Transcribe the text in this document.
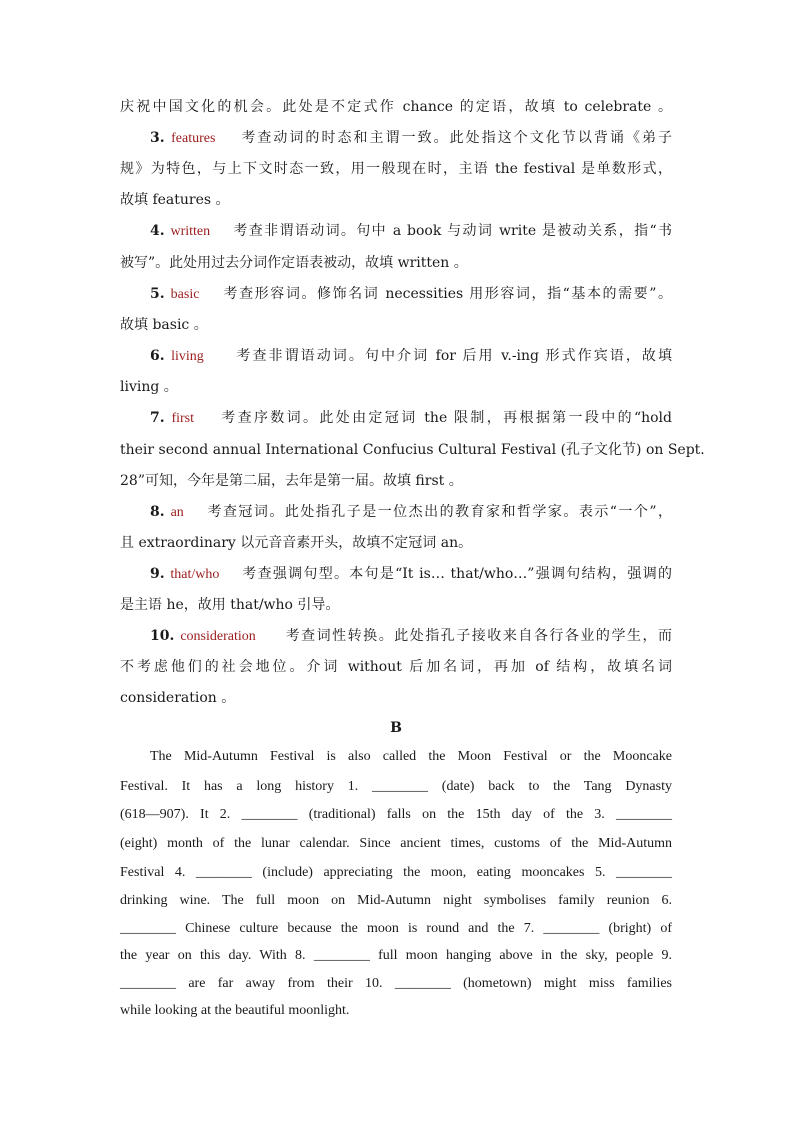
庆祝中国文化的机会。此处是不定式作 chance 的定语，故填 to celebrate 。
3. features 考查动词的时态和主谓一致。此处指这个文化节以背诵《弟子
规》为特色，与上下文时态一致，用一般现在时，主语 the festival 是单数形式，
故填 features 。
4. written 考查非谓语动词。句中 a book 与动词 write 是被动关系，指“书
被写”。此处用过去分词作定语表被动，故填 written 。
5. basic 考查形容词。修饰名词 necessities 用形容词，指“基本的需要”。
故填 basic 。
6. living 考查非谓语动词。句中介词 for 后用 v.-ing 形式作宾语，故填
living 。
7. first 考查序数词。此处由定冠词 the 限制，再根据第一段中的“hold
their second annual International Confucius Cultural Festival (孔子文化节) on Sept.
28”可知，今年是第二届，去年是第一届。故填 first 。
8. an 考查冠词。此处指孔子是一位杰出的教育家和哲学家。表示“一个”，
且 extraordinary 以元音音素开头，故填不定冠词 an。
9. that/who 考查强调句型。本句是“It is… that/who…”强调句结构，强调的
是主语 he，故用 that/who 引导。
10. consideration 考查词性转换。此处指孔子接收来自各行各业的学生，而
不考虑他们的社会地位。介词 without 后加名词，再加 of 结构，故填名词
consideration 。
B
The Mid-Autumn Festival is also called the Moon Festival or the Mooncake
Festival. It has a long history 1. ________ (date) back to the Tang Dynasty
(618—907). It 2. ________ (traditional) falls on the 15th day of the 3. ________
(eight) month of the lunar calendar. Since ancient times, customs of the Mid-Autumn
Festival 4. ________ (include) appreciating the moon, eating mooncakes 5. ________
drinking wine. The full moon on Mid-Autumn night symbolises family reunion 6.
________ Chinese culture because the moon is round and the 7. ________ (bright) of
the year on this day. With 8. ________ full moon hanging above in the sky, people 9.
________ are far away from their 10. ________ (hometown) might miss families
while looking at the beautiful moonlight.
